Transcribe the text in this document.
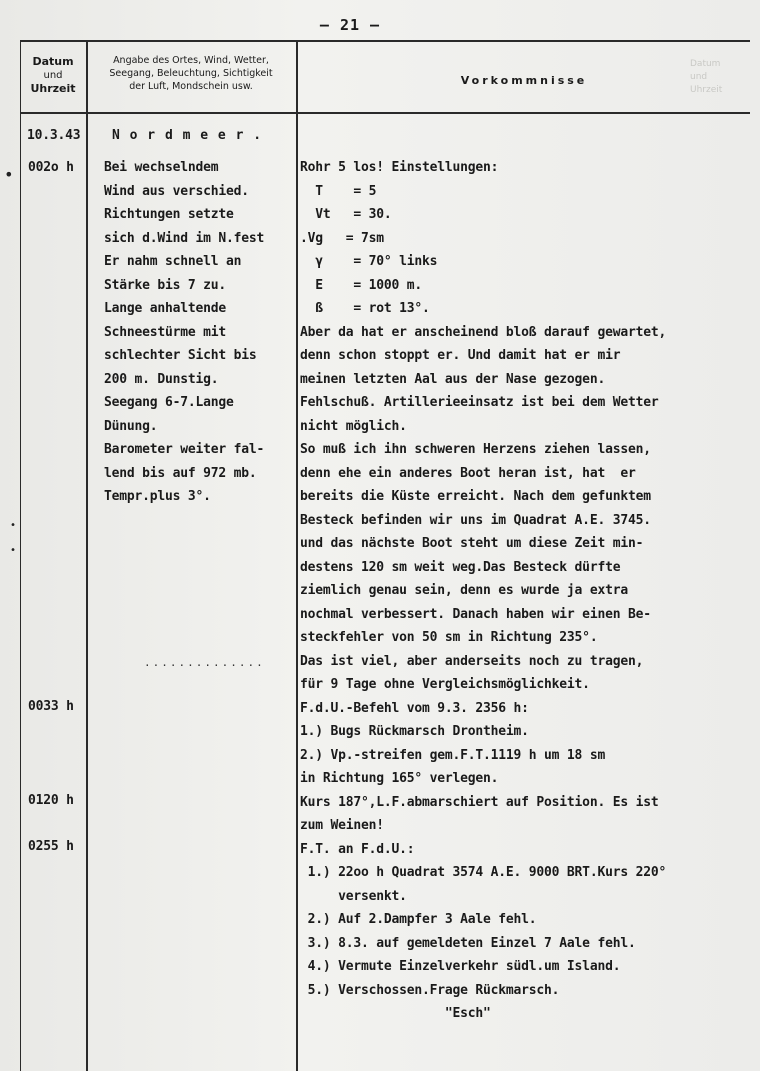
– 21 –
Datum
und
Uhrzeit
Datum
und
Uhrzeit
Angabe des Ortes, Wind, Wetter,
Seegang, Beleuchtung, Sichtigkeit
der Luft, Mondschein usw.	Vorkommnisse
10.3.43 N o r d m e e r .
002o h
0033 h
0120 h
0255 h
Bei wechselndem
Wind aus verschied.
Richtungen setzte
sich d.Wind im N.fest
Er nahm schnell an
Stärke bis 7 zu.
Lange anhaltende
Schneestürme mit
schlechter Sicht bis
200 m. Dunstig.
Seegang 6-7.Lange
Dünung.
Barometer weiter fal-
lend bis auf 972 mb.
Tempr.plus 3°.
..............
Rohr 5 los! Einstellungen:
T    = 5
Vt   = 30.
.Vg   = 7sm
γ    = 70° links
E    = 1000 m.
ß    = rot 13°.
Aber da hat er anscheinend bloß darauf gewartet,
denn schon stoppt er. Und damit hat er mir
meinen letzten Aal aus der Nase gezogen.
Fehlschuß. Artillerieeinsatz ist bei dem Wetter
nicht möglich.
So muß ich ihn schweren Herzens ziehen lassen,
denn ehe ein anderes Boot heran ist, hat  er
bereits die Küste erreicht. Nach dem gefunktem
Besteck befinden wir uns im Quadrat A.E. 3745.
und das nächste Boot steht um diese Zeit min-
destens 120 sm weit weg.Das Besteck dürfte
ziemlich genau sein, denn es wurde ja extra
nochmal verbessert. Danach haben wir einen Be-
steckfehler von 50 sm in Richtung 235°.
Das ist viel, aber anderseits noch zu tragen,
für 9 Tage ohne Vergleichsmöglichkeit.
F.d.U.-Befehl vom 9.3. 2356 h:
1.) Bugs Rückmarsch Drontheim.
2.) Vp.-streifen gem.F.T.1119 h um 18 sm
in Richtung 165° verlegen.
Kurs 187°,L.F.abmarschiert auf Position. Es ist
zum Weinen!
F.T. an F.d.U.:
1.) 22oo h Quadrat 3574 A.E. 9000 BRT.Kurs 220°
versenkt.
2.) Auf 2.Dampfer 3 Aale fehl.
3.) 8.3. auf gemeldeten Einzel 7 Aale fehl.
4.) Vermute Einzelverkehr südl.um Island.
5.) Verschossen.Frage Rückmarsch.
"Esch"
•
•
•
